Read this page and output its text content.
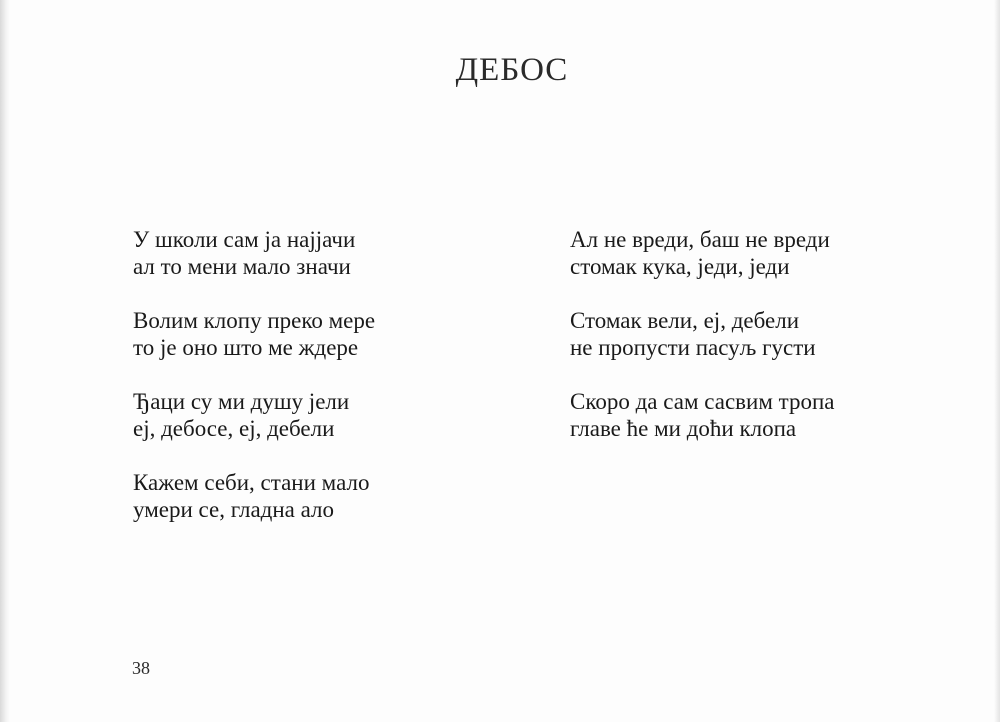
ДЕБОС
У школи сам ја најјачи
ал то мени мало значи
Волим клопу преко мере
то је оно што ме ждере
Ђаци су ми душу јели
еј, дебосе, еј, дебели
Кажем себи, стани мало
умери се, гладна ало
Ал не вреди, баш не вреди
стомак кука, једи, једи
Стомак вели, еј, дебели
не пропусти пасуљ густи
Скоро да сам сасвим тропа
главе ће ми доћи клопа
38
